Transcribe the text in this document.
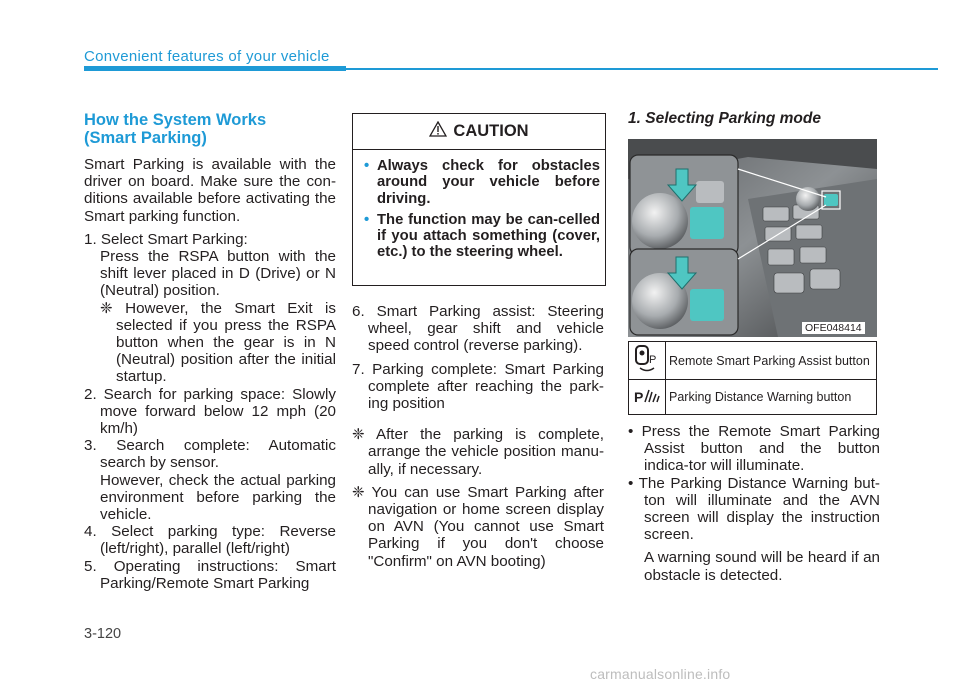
Convenient features of your vehicle

How the System Works
(Smart Parking)

Smart Parking is available with the driver on board. Make sure the con-ditions available before activating the Smart parking function.

1. Select Smart Parking:

Press the RSPA button with the shift lever placed in D (Drive) or N (Neutral) position.

❈ However, the Smart Exit is selected if you press the RSPA button when the gear is in N (Neutral) position after the initial startup.

2. Search for parking space: Slowly move forward below 12 mph (20 km/h)

3. Search complete: Automatic search by sensor.

However, check the actual parking environment before parking the vehicle.

4. Select parking type: Reverse (left/right), parallel (left/right)

5. Operating instructions: Smart Parking/Remote Smart Parking

CAUTION
• Always check for obstacles around your vehicle before driving.
• The function may be can-celled if you attach something (cover, etc.) to the steering wheel.

6. Smart Parking assist: Steering wheel, gear shift and vehicle speed control (reverse parking).

7. Parking complete: Smart Parking complete after reaching the park-ing position

❈ After the parking is complete, arrange the vehicle position manu-ally, if necessary.

❈ You can use Smart Parking after navigation or home screen display on AVN (You cannot use Smart Parking if you don't choose "Confirm" on AVN booting)

1. Selecting Parking mode
OFE048414
P	Remote Smart Parking Assist button

P	Parking Distance Warning button

• Press the Remote Smart Parking Assist button and the button indica-tor will illuminate.

• The Parking Distance Warning but-ton will illuminate and the AVN screen will display the instruction screen.

A warning sound will be heard if an obstacle is detected.

3-120
carmanualsonline.info
